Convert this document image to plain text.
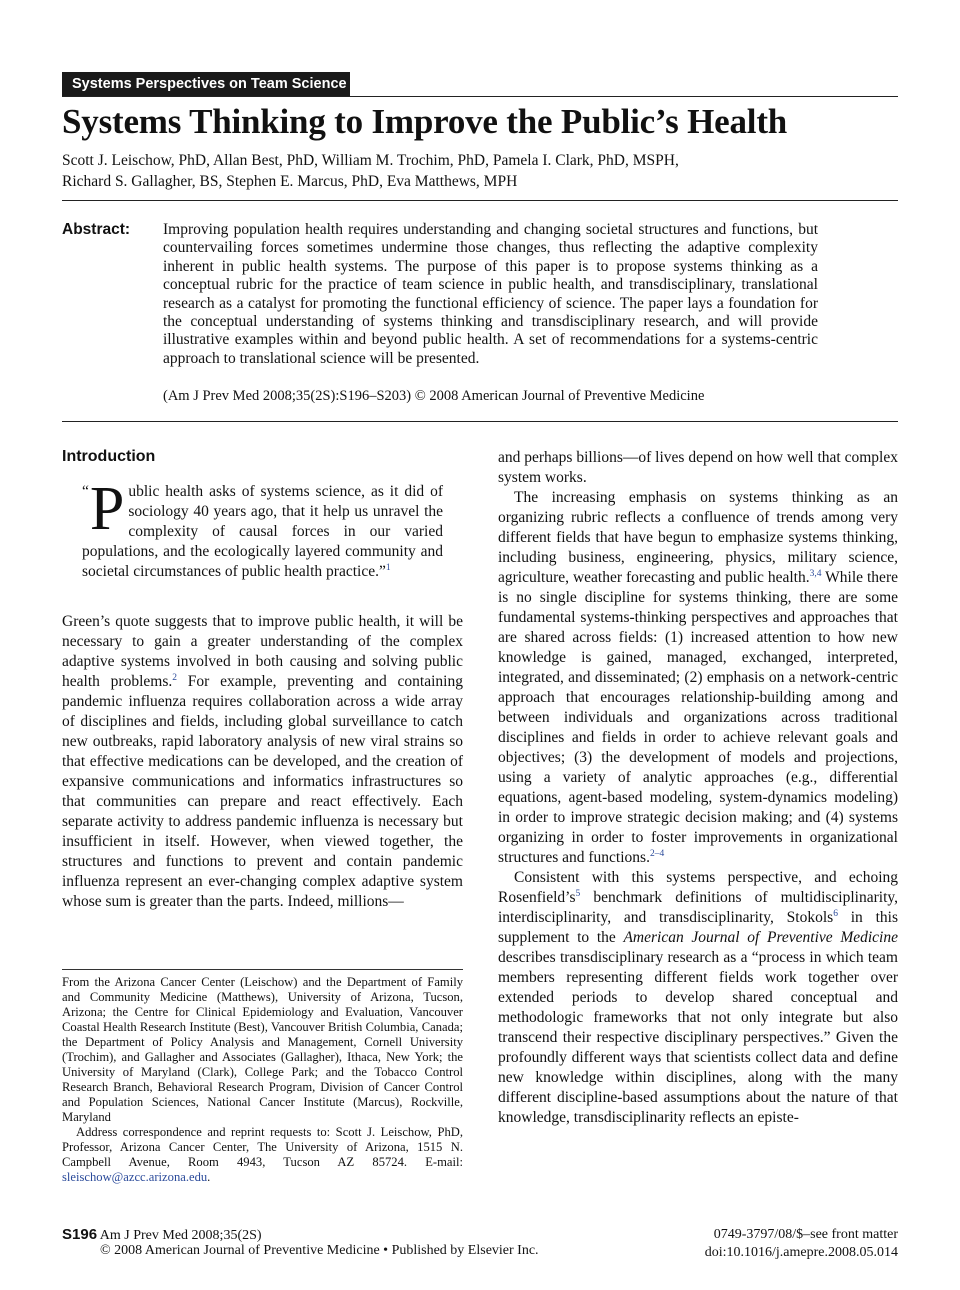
Systems Perspectives on Team Science
Systems Thinking to Improve the Public’s Health
Scott J. Leischow, PhD, Allan Best, PhD, William M. Trochim, PhD, Pamela I. Clark, PhD, MSPH,
Richard S. Gallagher, BS, Stephen E. Marcus, PhD, Eva Matthews, MPH
Abstract: Improving population health requires understanding and changing societal structures and functions, but countervailing forces sometimes undermine those changes, thus reflecting the adaptive complexity inherent in public health systems. The purpose of this paper is to propose systems thinking as a conceptual rubric for the practice of team science in public health, and transdisciplinary, translational research as a catalyst for promoting the functional efficiency of science. The paper lays a foundation for the conceptual understanding of systems thinking and transdisciplinary research, and will provide illustrative examples within and beyond public health. A set of recommendations for a systems-centric approach to translational science will be presented.
(Am J Prev Med 2008;35(2S):S196–S203) © 2008 American Journal of Preventive Medicine
Introduction
“ P ublic health asks of systems science, as it did of sociology 40 years ago, that it help us unravel the complexity of causal forces in our varied populations, and the ecologically layered community and societal circumstances of public health practice.”$^1$

Green’s quote suggests that to improve public health, it will be necessary to gain a greater understanding of the complex adaptive systems involved in both causing and solving public health problems.$^2$ For example, preventing and containing pandemic influenza requires collaboration across a wide array of disciplines and fields, including global surveillance to catch new outbreaks, rapid laboratory analysis of new viral strains so that effective medications can be developed, and the creation of expansive communications and informatics infrastructures so that communities can prepare and react effectively. Each separate activity to address pandemic influenza is necessary but insufficient in itself. However, when viewed together, the structures and functions to prevent and contain pandemic influenza represent an ever-changing complex adaptive system whose sum is greater than the parts. Indeed, millions—

From the Arizona Cancer Center (Leischow) and the Department of Family and Community Medicine (Matthews), University of Arizona, Tucson, Arizona; the Centre for Clinical Epidemiology and Evaluation, Vancouver Coastal Health Research Institute (Best), Vancouver British Columbia, Canada; the Department of Policy Analysis and Management, Cornell University (Trochim), and Gallagher and Associates (Gallagher), Ithaca, New York; the University of Maryland (Clark), College Park; and the Tobacco Control Research Branch, Behavioral Research Program, Division of Cancer Control and Population Sciences, National Cancer Institute (Marcus), Rockville, Maryland

Address correspondence and reprint requests to: Scott J. Leischow, PhD, Professor, Arizona Cancer Center, The University of Arizona, 1515 N. Campbell Avenue, Room 4943, Tucson AZ 85724. E-mail: sleischow@azcc.arizona.edu.

and perhaps billions—of lives depend on how well that complex system works.

The increasing emphasis on systems thinking as an organizing rubric reflects a confluence of trends among very different fields that have begun to emphasize systems thinking, including business, engineering, physics, military science, agriculture, weather forecasting and public health.$^{3,4}$ While there is no single discipline for systems thinking, there are some fundamental systems-thinking perspectives and approaches that are shared across fields: (1) increased attention to how new knowledge is gained, managed, exchanged, interpreted, integrated, and disseminated; (2) emphasis on a network-centric approach that encourages relationship-building among and between individuals and organizations across traditional disciplines and fields in order to achieve relevant goals and objectives; (3) the development of models and projections, using a variety of analytic approaches (e.g., differential equations, agent-based modeling, system-dynamics modeling) in order to improve strategic decision making; and (4) systems organizing in order to foster improvements in organizational structures and functions.$^{2-4}$

Consistent with this systems perspective, and echoing $Rosenfield’s^5$ benchmark definitions of multidisciplinarity, interdisciplinarity, and transdisciplinarity, Stokols$^6$ in this supplement to the American Journal of Preventive Medicine describes transdisciplinary research as a “process in which team members representing different fields work together over extended periods to develop shared conceptual and methodologic frameworks that not only integrate but also transcend their respective disciplinary perspectives.” Given the profoundly different ways that scientists collect data and define new knowledge within disciplines, along with the many different discipline-based assumptions about the nature of that knowledge, transdisciplinarity reflects an episte-

S196 Am J Prev Med 2008;35(2S)
© 2008 American Journal of Preventive Medicine • Published by Elsevier Inc.
0749-3797/08/$–see front matter
doi:10.1016/j.amepre.2008.05.014
